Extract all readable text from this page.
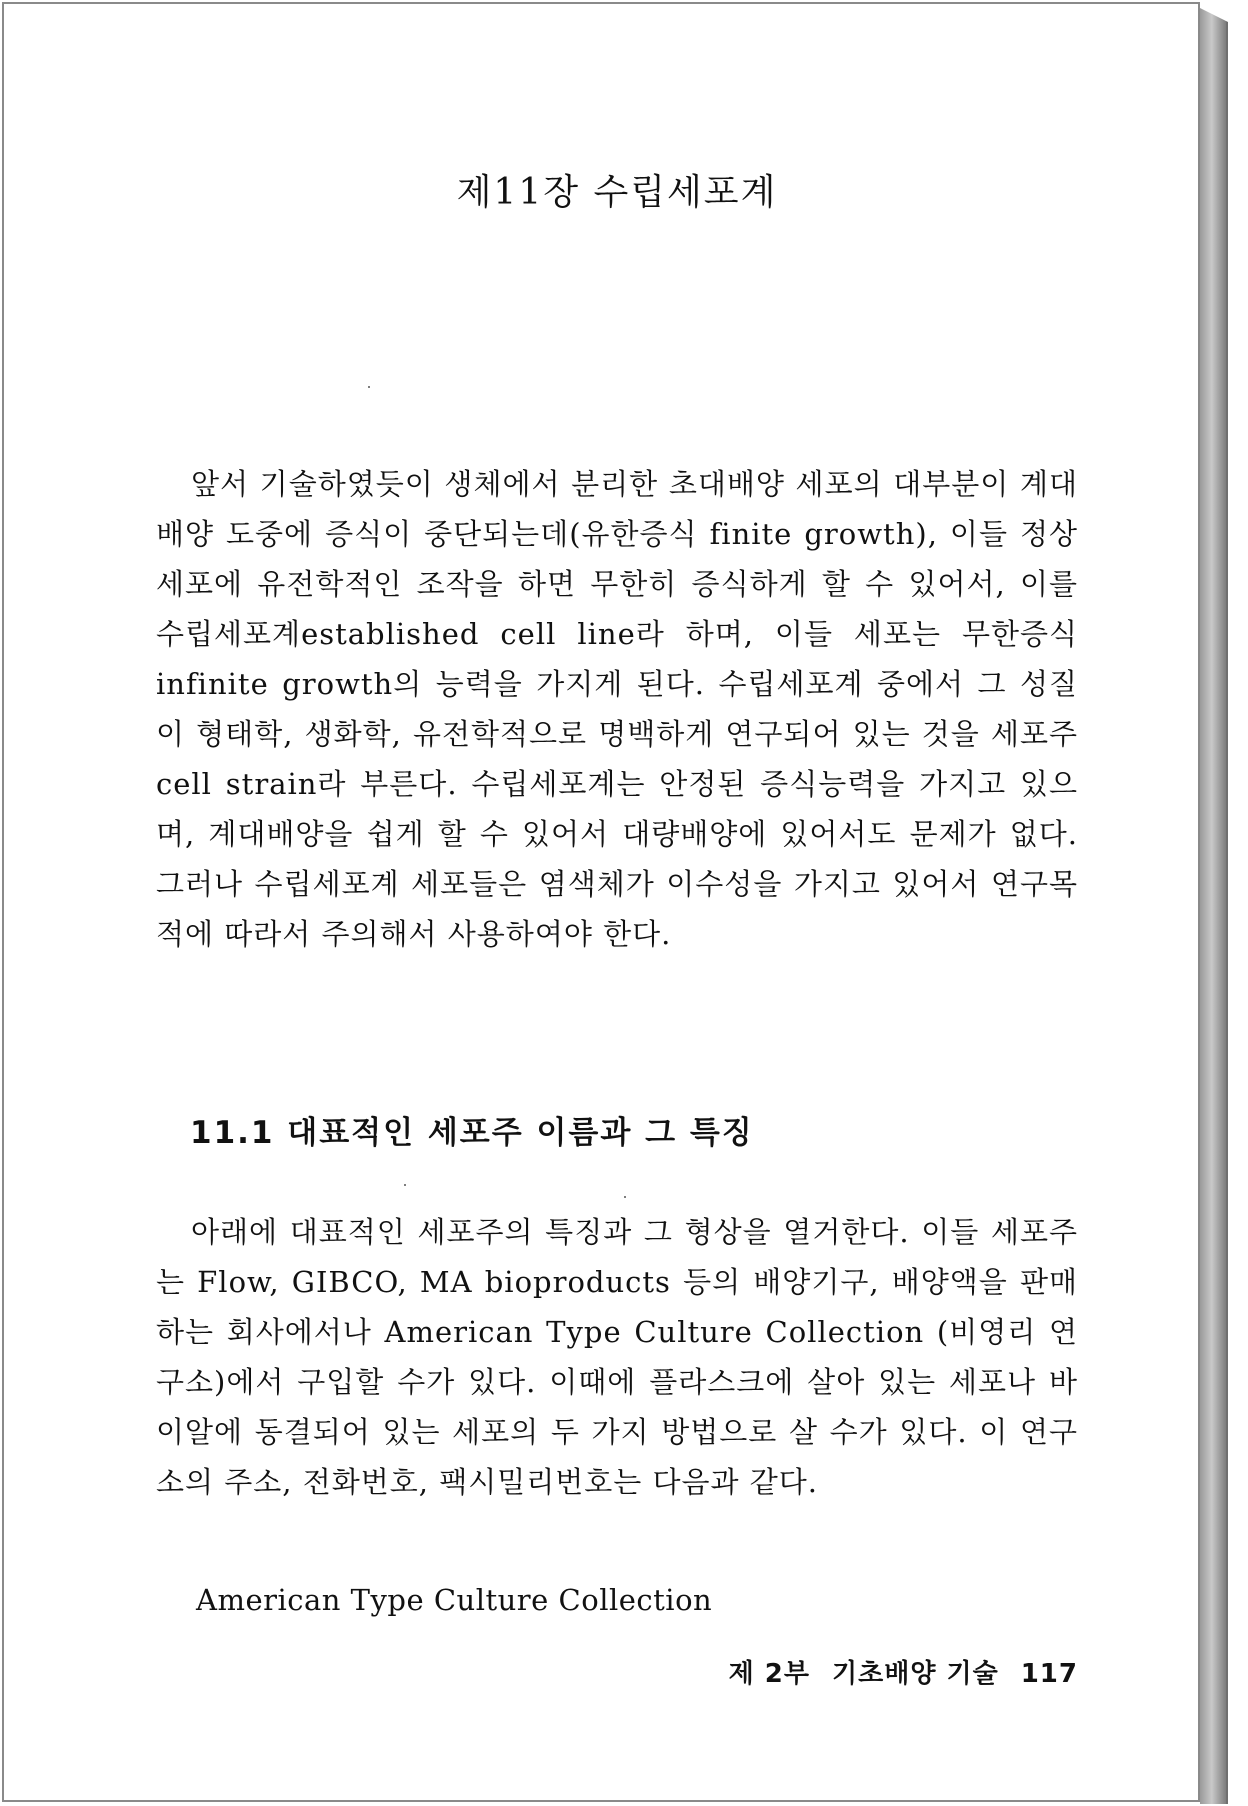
제11장 수립세포계

앞서 기술하였듯이 생체에서 분리한 초대배양 세포의 대부분이 계대배양 도중에 증식이 중단되는데(유한증식 finite growth), 이들 정상세포에 유전학적인 조작을 하면 무한히 증식하게 할 수 있어서, 이를 수립세포계established cell line라 하며, 이들 세포는 무한증식infinite growth의 능력을 가지게 된다. 수립세포계 중에서 그 성질이 형태학, 생화학, 유전학적으로 명백하게 연구되어 있는 것을 세포주cell strain라 부른다. 수립세포계는 안정된 증식능력을 가지고 있으며, 계대배양을 쉽게 할 수 있어서 대량배양에 있어서도 문제가 없다. 그러나 수립세포계 세포들은 염색체가 이수성을 가지고 있어서 연구목적에 따라서 주의해서 사용하여야 한다.

11.1 대표적인 세포주 이름과 그 특징

아래에 대표적인 세포주의 특징과 그 형상을 열거한다. 이들 세포주는 Flow, GIBCO, MA bioproducts 등의 배양기구, 배양액을 판매하는 회사에서나 American Type Culture Collection (비영리 연구소)에서 구입할 수가 있다. 이때에 플라스크에 살아 있는 세포나 바이알에 동결되어 있는 세포의 두 가지 방법으로 살 수가 있다. 이 연구소의 주소, 전화번호, 팩시밀리번호는 다음과 같다.

American Type Culture Collection

제 2부 기초배양 기술 117
